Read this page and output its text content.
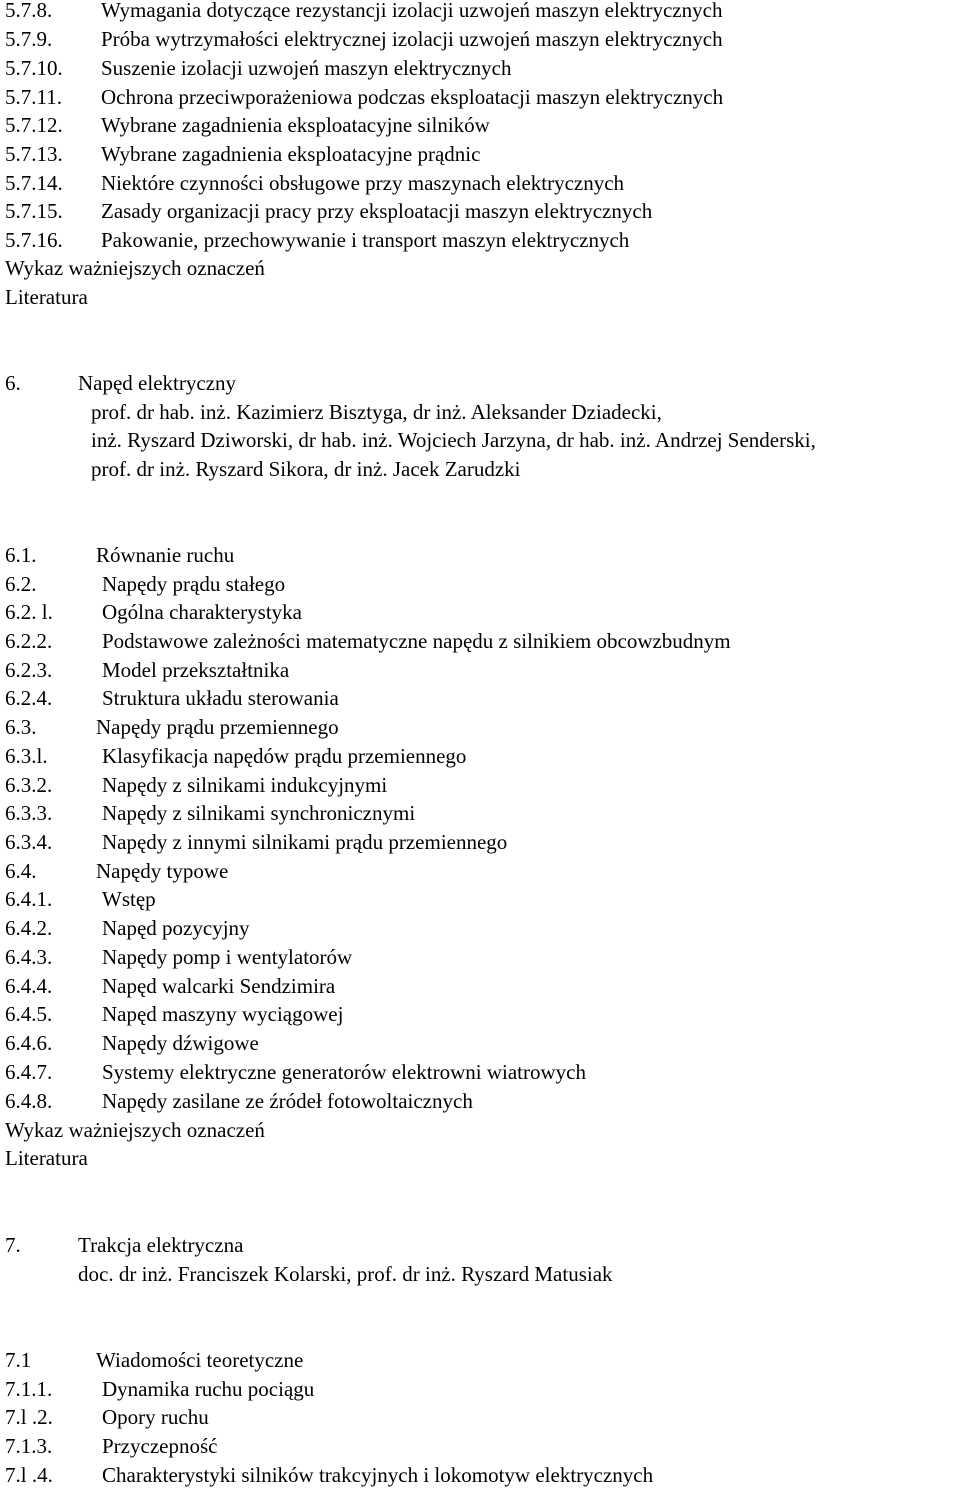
5.7.8. Wymagania dotyczące rezystancji izolacji uzwojeń maszyn elektrycznych
5.7.9. Próba wytrzymałości elektrycznej izolacji uzwojeń maszyn elektrycznych
5.7.10. Suszenie izolacji uzwojeń maszyn elektrycznych
5.7.11. Ochrona przeciwporażeniowa podczas eksploatacji maszyn elektrycznych
5.7.12. Wybrane zagadnienia eksploatacyjne silników
5.7.13. Wybrane zagadnienia eksploatacyjne prądnic
5.7.14. Niektóre czynności obsługowe przy maszynach elektrycznych
5.7.15. Zasady organizacji pracy przy eksploatacji maszyn elektrycznych
5.7.16. Pakowanie, przechowywanie i transport maszyn elektrycznych
Wykaz ważniejszych oznaczeń
Literatura
6.	Napęd elektryczny
prof. dr hab. inż. Kazimierz Bisztyga, dr inż. Aleksander Dziadecki,
inż. Ryszard Dziworski, dr hab. inż. Wojciech Jarzyna, dr hab. inż. Andrzej Senderski,
prof. dr inż. Ryszard Sikora, dr inż. Jacek Zarudzki
6.1.	Równanie ruchu
6.2.	Napędy prądu stałego
6.2. l. Ogólna charakterystyka
6.2.2. Podstawowe zależności matematyczne napędu z silnikiem obcowzbudnym
6.2.3. Model przekształtnika
6.2.4. Struktura układu sterowania
6.3.	Napędy prądu przemiennego
6.3.l.	Klasyfikacja napędów prądu przemiennego
6.3.2. Napędy z silnikami indukcyjnymi
6.3.3. Napędy z silnikami synchronicznymi
6.3.4. Napędy z innymi silnikami prądu przemiennego
6.4.	Napędy typowe
6.4.1. Wstęp
6.4.2. Napęd pozycyjny
6.4.3. Napędy pomp i wentylatorów
6.4.4. Napęd walcarki Sendzimira
6.4.5. Napęd maszyny wyciągowej
6.4.6. Napędy dźwigowe
6.4.7. Systemy elektryczne generatorów elektrowni wiatrowych
6.4.8. Napędy zasilane ze źródeł fotowoltaicznych
Wykaz ważniejszych oznaczeń
Literatura
7.	Trakcja elektryczna
doc. dr inż. Franciszek Kolarski, prof. dr inż. Ryszard Matusiak
7.1	Wiadomości teoretyczne
7.1.1. Dynamika ruchu pociągu
7.l .2. Opory ruchu
7.1.3. Przyczepność
7.l .4. Charakterystyki silników trakcyjnych i lokomotyw elektrycznych
